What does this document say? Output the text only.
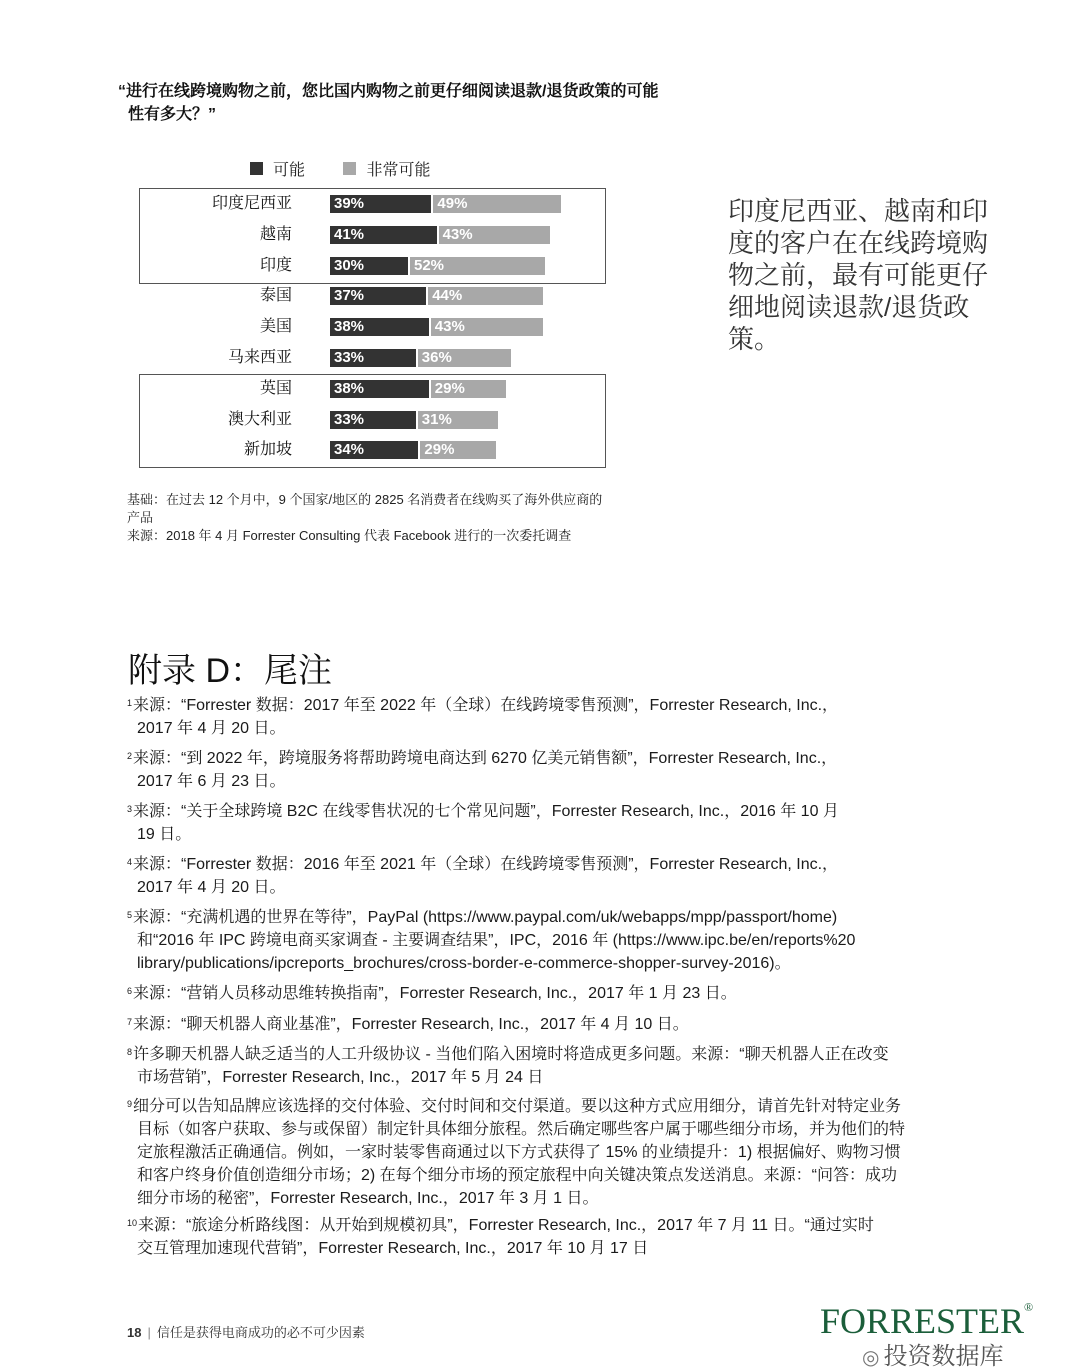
“进行在线跨境购物之前，您比国内购物之前更仔细阅读退款/退货政策的可能
性有多大？”
可能
	非常可能
印度尼西亚	39%	49%
越南	41%	43%
印度	30%	52%
泰国	37%	44%
美国	38%	43%
马来西亚	33%	36%
英国	38%	29%
澳大利亚	33%	31%
新加坡	34%	29%
印度尼西亚、越南和印度的客户在在线跨境购物之前，最有可能更仔细地阅读退款/退货政策。
基础：在过去 12 个月中，9 个国家/地区的 2825 名消费者在线购买了海外供应商的
产品
来源：2018 年 4 月 Forrester Consulting 代表 Facebook 进行的一次委托调查
附录 D：尾注
$^1$来源：“Forrester 数据：2017 年至 2022 年（全球）在线跨境零售预测”，Forrester Research, Inc.，
2017 年 4 月 20 日。
$^2$来源：“到 2022 年，跨境服务将帮助跨境电商达到 6270 亿美元销售额”，Forrester Research, Inc.，
2017 年 6 月 23 日。
$^3$来源：“关于全球跨境 B2C 在线零售状况的七个常见问题”，Forrester Research, Inc.，2016 年 10 月
19 日。
$^4$来源：“Forrester 数据：2016 年至 2021 年（全球）在线跨境零售预测”，Forrester Research, Inc.，
2017 年 4 月 20 日。
$^5$来源：“充满机遇的世界在等待”，PayPal (https://www.paypal.com/uk/webapps/mpp/passport/home)
和“2016 年 IPC 跨境电商买家调查 - 主要调查结果”，IPC，2016 年 (https://www.ipc.be/en/reports%20
library/publications/ipcreports_brochures/cross-border-e-commerce-shopper-survey-2016)。
$^6$来源：“营销人员移动思维转换指南”，Forrester Research, Inc.，2017 年 1 月 23 日。
$^7$来源：“聊天机器人商业基准”，Forrester Research, Inc.，2017 年 4 月 10 日。
$^8$许多聊天机器人缺乏适当的人工升级协议 - 当他们陷入困境时将造成更多问题。来源：“聊天机器人正在改变
市场营销”，Forrester Research, Inc.，2017 年 5 月 24 日
$^9$细分可以告知品牌应该选择的交付体验、交付时间和交付渠道。要以这种方式应用细分，请首先针对特定业务
目标（如客户获取、参与或保留）制定针具体细分旅程。然后确定哪些客户属于哪些细分市场，并为他们的特
定旅程激活正确通信。例如，一家时装零售商通过以下方式获得了 15% 的业绩提升：1) 根据偏好、购物习惯
和客户终身价值创造细分市场；2) 在每个细分市场的预定旅程中向关键决策点发送消息。来源：“问答：成功
细分市场的秘密”，Forrester Research, Inc.，2017 年 3 月 1 日。
$^{10}$来源：“旅途分析路线图：从开始到规模初具”，Forrester Research, Inc.，2017 年 7 月 11 日。“通过实时
交互管理加速现代营销”，Forrester Research, Inc.，2017 年 10 月 17 日
18 | 信任是获得电商成功的必不可少因素	FORRESTER®
◎ 投资数据库
